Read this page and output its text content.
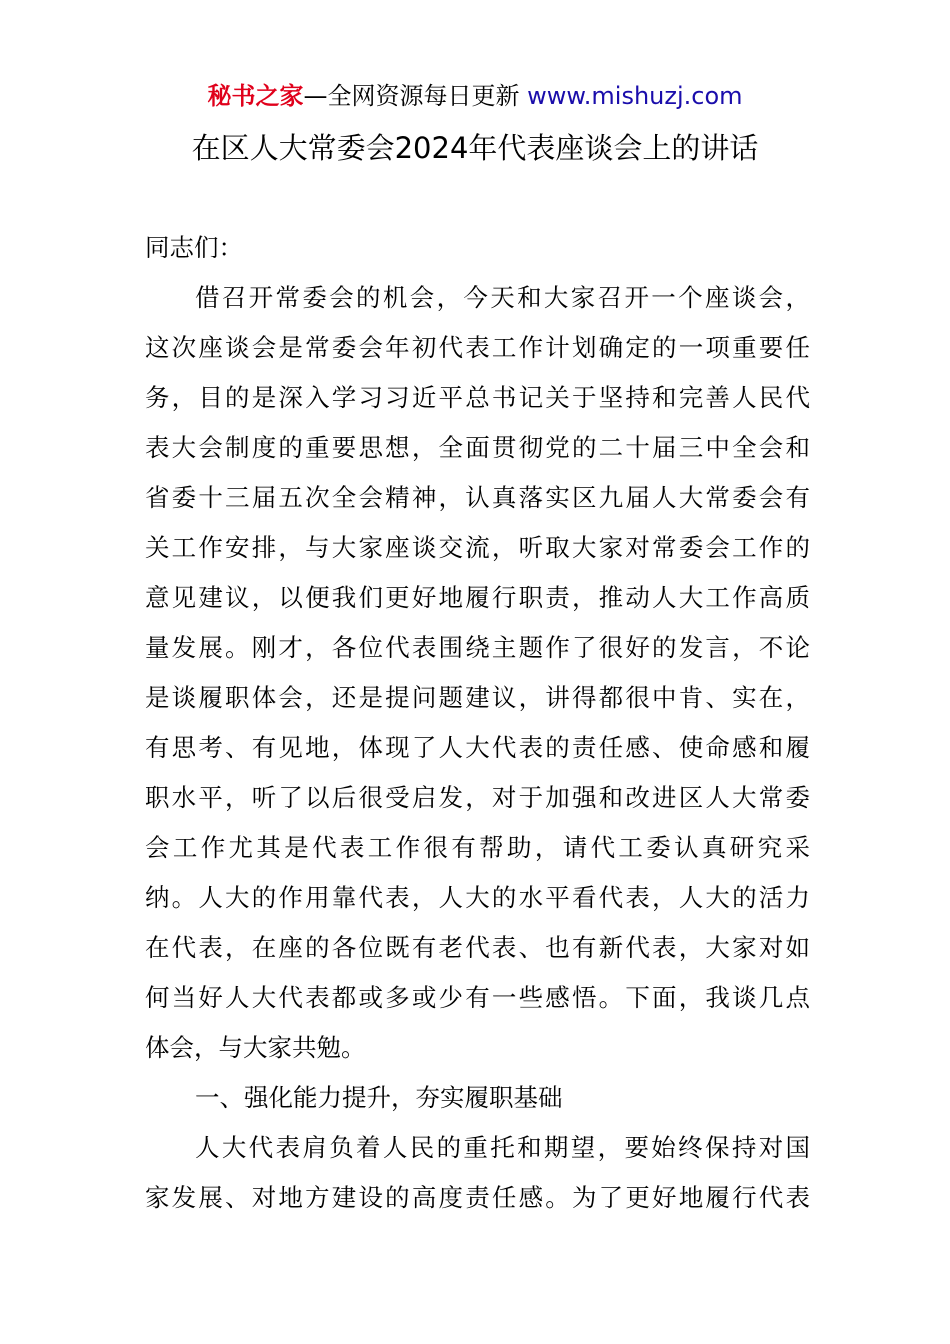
秘书之家—全网资源每日更新 www.mishuzj.com
在区人大常委会2024年代表座谈会上的讲话
同志们：
借召开常委会的机会，今天和大家召开一个座谈会，
这次座谈会是常委会年初代表工作计划确定的一项重要任
务，目的是深入学习习近平总书记关于坚持和完善人民代
表大会制度的重要思想，全面贯彻党的二十届三中全会和
省委十三届五次全会精神，认真落实区九届人大常委会有
关工作安排，与大家座谈交流，听取大家对常委会工作的
意见建议，以便我们更好地履行职责，推动人大工作高质
量发展。刚才，各位代表围绕主题作了很好的发言，不论
是谈履职体会，还是提问题建议，讲得都很中肯、实在，
有思考、有见地，体现了人大代表的责任感、使命感和履
职水平，听了以后很受启发，对于加强和改进区人大常委
会工作尤其是代表工作很有帮助，请代工委认真研究采
纳。人大的作用靠代表，人大的水平看代表，人大的活力
在代表，在座的各位既有老代表、也有新代表，大家对如
何当好人大代表都或多或少有一些感悟。下面，我谈几点
体会，与大家共勉。
一、强化能力提升，夯实履职基础
人大代表肩负着人民的重托和期望，要始终保持对国
家发展、对地方建设的高度责任感。为了更好地履行代表
